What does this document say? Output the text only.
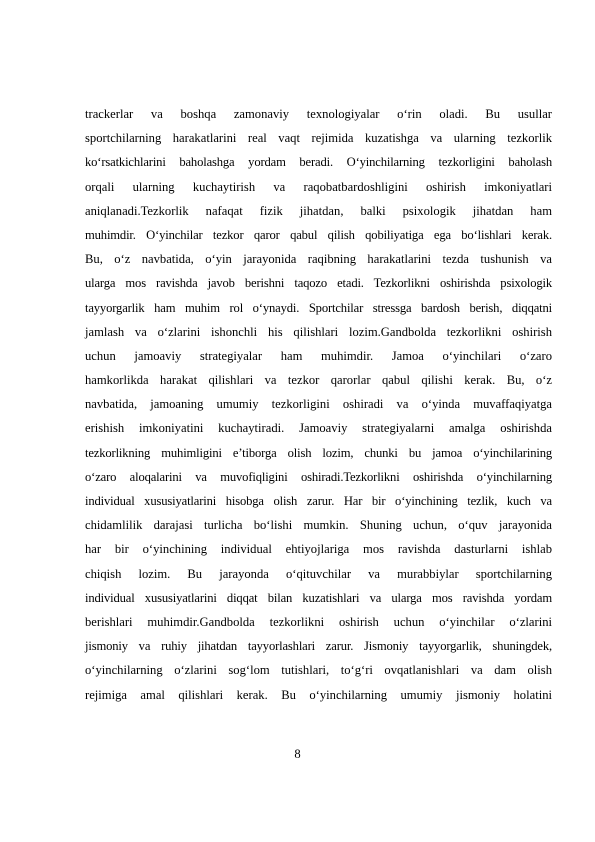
trackerlar va boshqa zamonaviy texnologiyalar o‘rin oladi. Bu usullar
sportchilarning harakatlarini real vaqt rejimida kuzatishga va ularning tezkorlik
ko‘rsatkichlarini baholashga yordam beradi. O‘yinchilarning tezkorligini baholash
orqali ularning kuchaytirish va raqobatbardoshligini oshirish imkoniyatlari
aniqlanadi.Tezkorlik nafaqat fizik jihatdan, balki psixologik jihatdan ham
muhimdir. O‘yinchilar tezkor qaror qabul qilish qobiliyatiga ega bo‘lishlari kerak.
Bu, o‘z navbatida, o‘yin jarayonida raqibning harakatlarini tezda tushunish va
ularga mos ravishda javob berishni taqozo etadi. Tezkorlikni oshirishda psixologik
tayyorgarlik ham muhim rol o‘ynaydi. Sportchilar stressga bardosh berish, diqqatni
jamlash va o‘zlarini ishonchli his qilishlari lozim.Gandbolda tezkorlikni oshirish
uchun jamoaviy strategiyalar ham muhimdir. Jamoa o‘yinchilari o‘zaro
hamkorlikda harakat qilishlari va tezkor qarorlar qabul qilishi kerak. Bu, o‘z
navbatida, jamoaning umumiy tezkorligini oshiradi va o‘yinda muvaffaqiyatga
erishish imkoniyatini kuchaytiradi. Jamoaviy strategiyalarni amalga oshirishda
tezkorlikning muhimligini e’tiborga olish lozim, chunki bu jamoa o‘yinchilarining
o‘zaro aloqalarini va muvofiqligini oshiradi.Tezkorlikni oshirishda o‘yinchilarning
individual xususiyatlarini hisobga olish zarur. Har bir o‘yinchining tezlik, kuch va
chidamlilik darajasi turlicha bo‘lishi mumkin. Shuning uchun, o‘quv jarayonida
har bir o‘yinchining individual ehtiyojlariga mos ravishda dasturlarni ishlab
chiqish lozim. Bu jarayonda o‘qituvchilar va murabbiylar sportchilarning
individual xususiyatlarini diqqat bilan kuzatishlari va ularga mos ravishda yordam
berishlari muhimdir.Gandbolda tezkorlikni oshirish uchun o‘yinchilar o‘zlarini
jismoniy va ruhiy jihatdan tayyorlashlari zarur. Jismoniy tayyorgarlik, shuningdek,
o‘yinchilarning o‘zlarini sog‘lom tutishlari, to‘g‘ri ovqatlanishlari va dam olish
rejimiga amal qilishlari kerak. Bu o‘yinchilarning umumiy jismoniy holatini
8
